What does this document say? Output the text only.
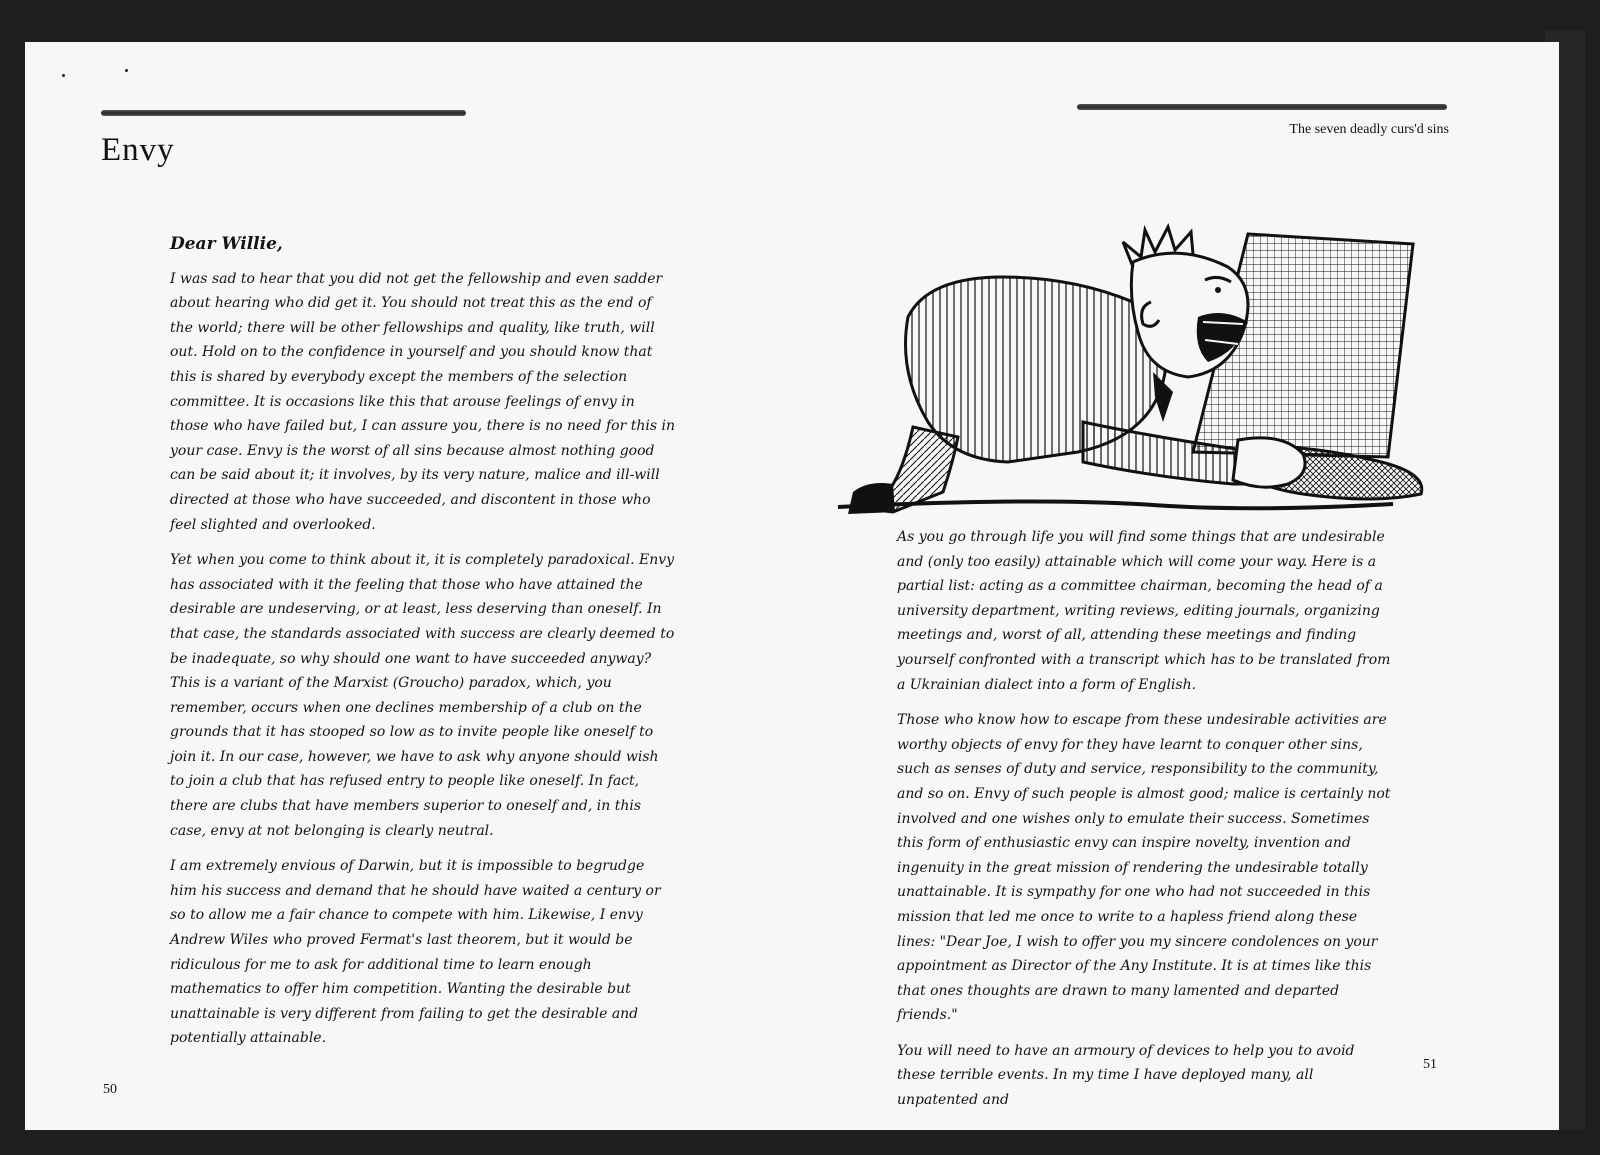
Envy
The seven deadly curs'd sins

Dear Willie,

I was sad to hear that you did not get the fellowship and even sadder about hearing who did get it. You should not treat this as the end of the world; there will be other fellowships and quality, like truth, will out. Hold on to the confidence in yourself and you should know that this is shared by everybody except the members of the selection committee. It is occasions like this that arouse feelings of envy in those who have failed but, I can assure you, there is no need for this in your case. Envy is the worst of all sins because almost nothing good can be said about it; it involves, by its very nature, malice and ill-will directed at those who have succeeded, and discontent in those who feel slighted and overlooked.

Yet when you come to think about it, it is completely paradoxical. Envy has associated with it the feeling that those who have attained the desirable are undeserving, or at least, less deserving than oneself. In that case, the standards associated with success are clearly deemed to be inadequate, so why should one want to have succeeded anyway? This is a variant of the Marxist (Groucho) paradox, which, you remember, occurs when one declines membership of a club on the grounds that it has stooped so low as to invite people like oneself to join it. In our case, however, we have to ask why anyone should wish to join a club that has refused entry to people like oneself. In fact, there are clubs that have members superior to oneself and, in this case, envy at not belonging is clearly neutral.

I am extremely envious of Darwin, but it is impossible to begrudge him his success and demand that he should have waited a century or so to allow me a fair chance to compete with him. Likewise, I envy Andrew Wiles who proved Fermat's last theorem, but it would be ridiculous for me to ask for additional time to learn enough mathematics to offer him competition. Wanting the desirable but unattainable is very different from failing to get the desirable and potentially attainable.

As you go through life you will find some things that are undesirable and (only too easily) attainable which will come your way. Here is a partial list: acting as a committee chairman, becoming the head of a university department, writing reviews, editing journals, organizing meetings and, worst of all, attending these meetings and finding yourself confronted with a transcript which has to be translated from a Ukrainian dialect into a form of English.

Those who know how to escape from these undesirable activities are worthy objects of envy for they have learnt to conquer other sins, such as senses of duty and service, responsibility to the community, and so on. Envy of such people is almost good; malice is certainly not involved and one wishes only to emulate their success. Sometimes this form of enthusiastic envy can inspire novelty, invention and ingenuity in the great mission of rendering the undesirable totally unattainable. It is sympathy for one who had not succeeded in this mission that led me once to write to a hapless friend along these lines: "Dear Joe, I wish to offer you my sincere condolences on your appointment as Director of the Any Institute. It is at times like this that ones thoughts are drawn to many lamented and departed friends."

You will need to have an armoury of devices to help you to avoid these terrible events. In my time I have deployed many, all unpatented and

50
51
